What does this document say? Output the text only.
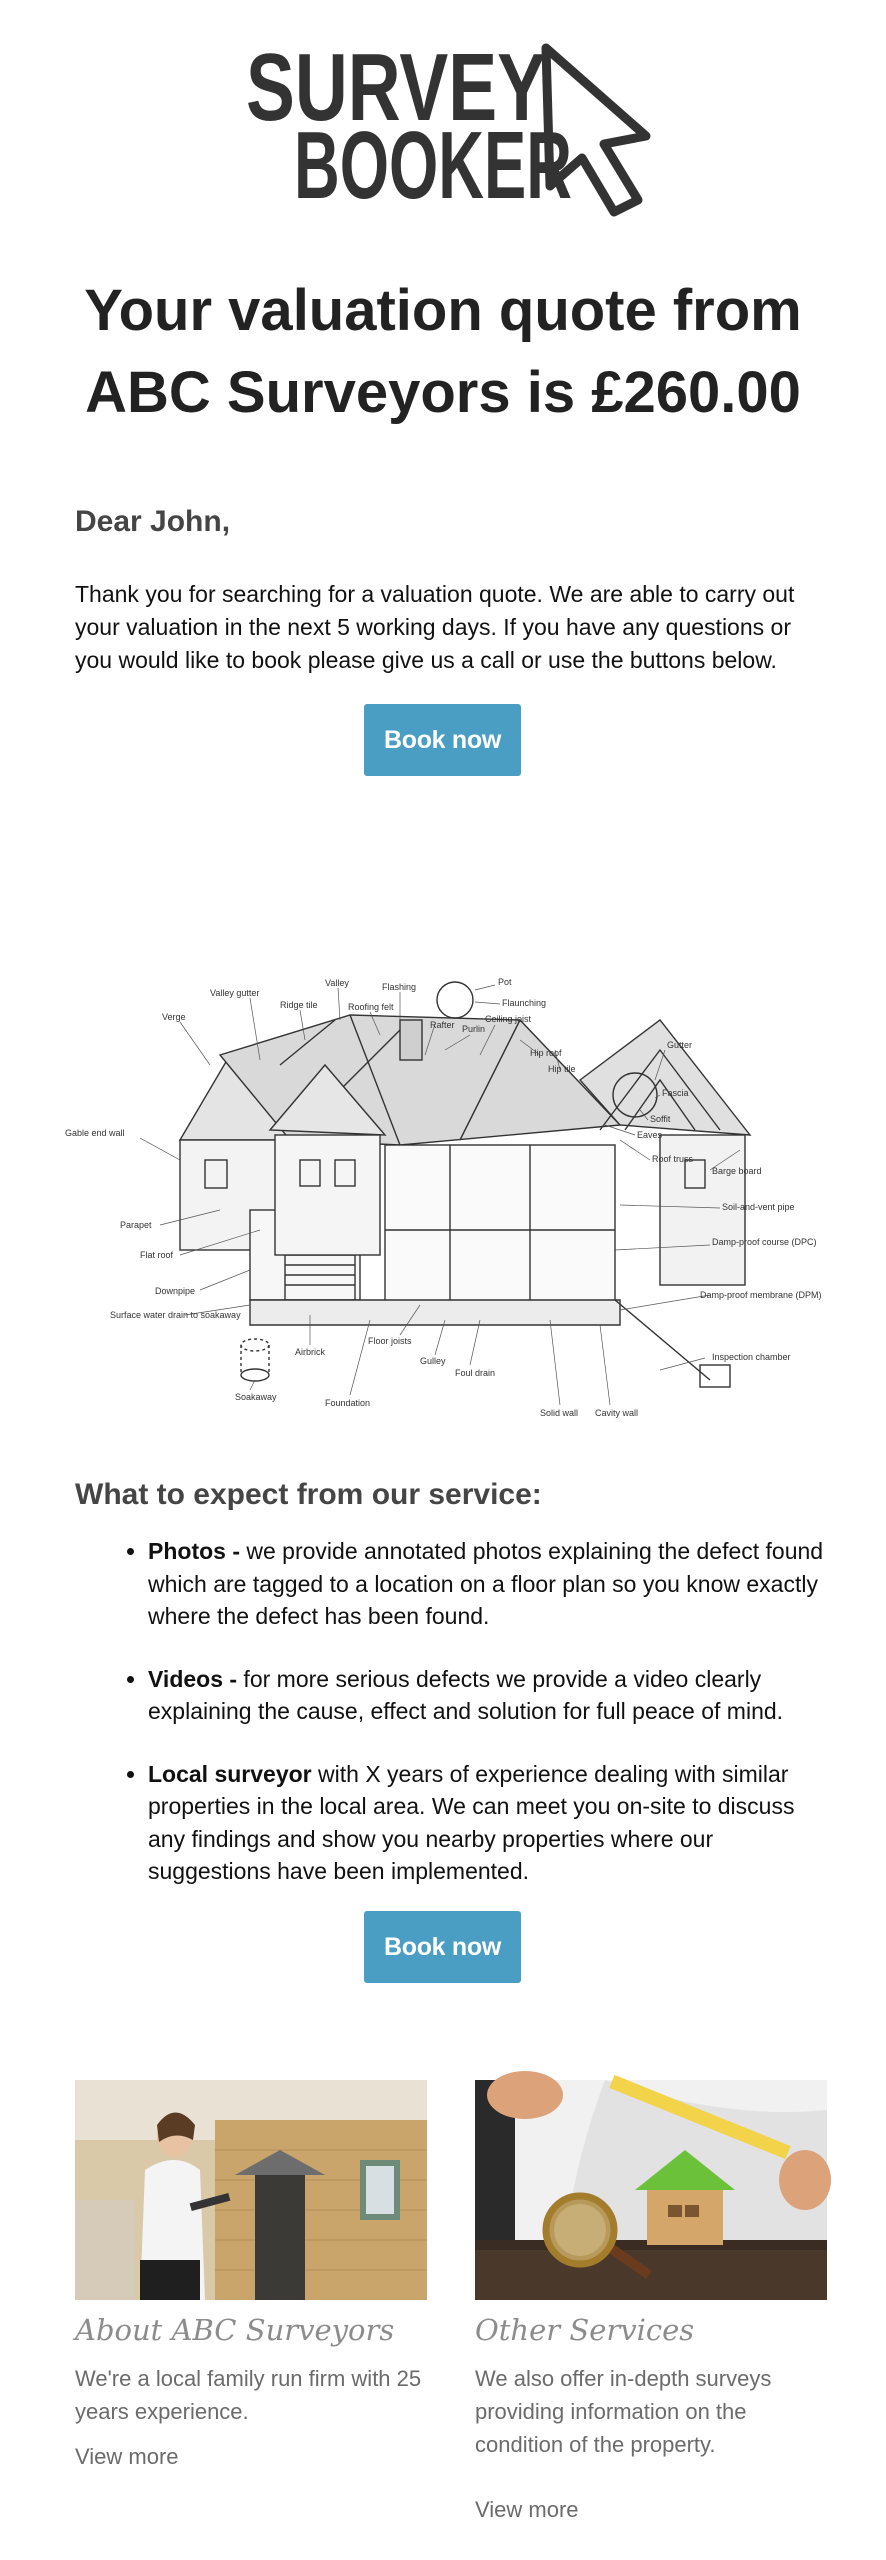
SURVEY
BOOKER
Your valuation quote from
ABC Surveyors is £260.00
Dear John,

Thank you for searching for a valuation quote. We are able to carry out your valuation in the next 5 working days. If you have any questions or you would like to book please give us a call or use the buttons below.

Book now
Pot
Flaunching
Flashing
Valley
Valley gutter
Ridge tile	Roofing felt
Rafter Purlin
Ceiling joist
Hip roof
Hip tile
Verge
Gutter
Fascia
Soffit
Gable end wall	Eaves
Roof truss
Barge board
Parapet
Flat roof
Soil-and-vent pipe
Damp-proof course (DPC)
Downpipe
Surface water drain to soakaway
Damp-proof membrane (DPM)
Floor joists
Inspection chamber
Airbrick
Gulley
Soakaway
Foul drain
Foundation
Solid wall Cavity wall
What to expect from our service:
Photos - we provide annotated photos explaining the defect found which are tagged to a location on a floor plan so you know exactly where the defect has been found.
Videos - for more serious defects we provide a video clearly explaining the cause, effect and solution for full peace of mind.
Local surveyor with X years of experience dealing with similar properties in the local area. We can meet you on-site to discuss any findings and show you nearby properties where our suggestions have been implemented.
Book now
About ABC Surveyors

We're a local family run firm with 25 years experience.

View more
Other Services

We also offer in-depth surveys providing information on the condition of the property.

View more
